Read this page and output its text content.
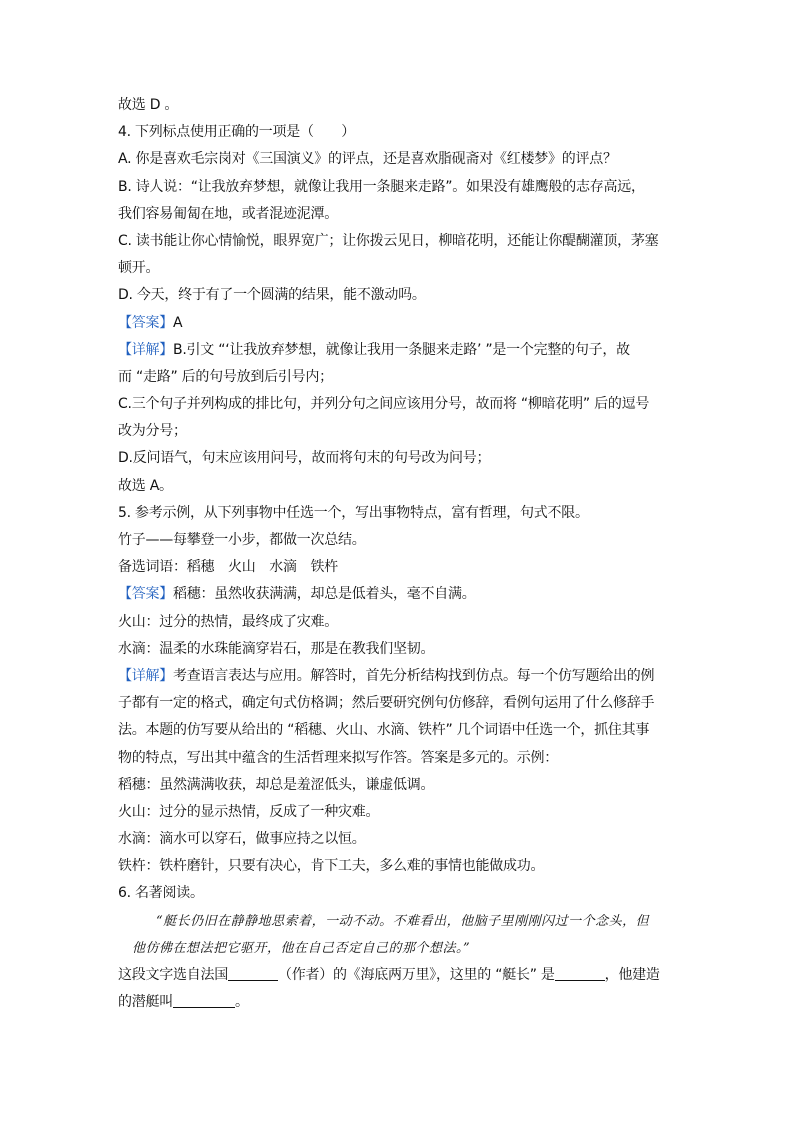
故选 D 。
4. 下列标点使用正确的一项是（　　）
A. 你是喜欢毛宗岗对《三国演义》的评点，还是喜欢脂砚斋对《红楼梦》的评点？
B. 诗人说：“让我放弃梦想，就像让我用一条腿来走路”。如果没有雄鹰般的志存高远，
我们容易匍匐在地，或者混迹泥潭。
C. 读书能让你心情愉悦，眼界宽广；让你拨云见日，柳暗花明，还能让你醍醐灌顶，茅塞
顿开。
D. 今天，终于有了一个圆满的结果，能不激动吗。
【答案】A
【详解】B.引文 “‘让我放弃梦想，就像让我用一条腿来走路’ ”是一个完整的句子，故
而 “走路” 后的句号放到后引号内；
C.三个句子并列构成的排比句，并列分句之间应该用分号，故而将 “柳暗花明” 后的逗号
改为分号；
D.反问语气，句末应该用问号，故而将句末的句号改为问号；
故选 A。
5. 参考示例，从下列事物中任选一个，写出事物特点，富有哲理，句式不限。
竹子——每攀登一小步，都做一次总结。
备选词语：稻穗　火山　水滴　铁杵
【答案】稻穗：虽然收获满满，却总是低着头，毫不自满。
火山：过分的热情，最终成了灾难。
水滴：温柔的水珠能滴穿岩石，那是在教我们坚韧。
【详解】考查语言表达与应用。解答时，首先分析结构找到仿点。每一个仿写题给出的例
子都有一定的格式，确定句式仿格调；然后要研究例句仿修辞，看例句运用了什么修辞手
法。本题的仿写要从给出的 “稻穗、火山、水滴、铁杵” 几个词语中任选一个，抓住其事
物的特点，写出其中蕴含的生活哲理来拟写作答。答案是多元的。示例：
稻穗：虽然满满收获，却总是羞涩低头，谦虚低调。
火山：过分的显示热情，反成了一种灾难。
水滴：滴水可以穿石，做事应持之以恒。
铁杵：铁杵磨针，只要有决心，肯下工夫，多么难的事情也能做成功。
6. 名著阅读。
“艇长仍旧在静静地思索着，一动不动。不难看出，他脑子里刚刚闪过一个念头，但
他仿佛在想法把它驱开，他在自己否定自己的那个想法。”
这段文字选自法国	（作者）的《海底两万里》，这里的 “艇长” 是	，他建造
的潜艇叫	。
